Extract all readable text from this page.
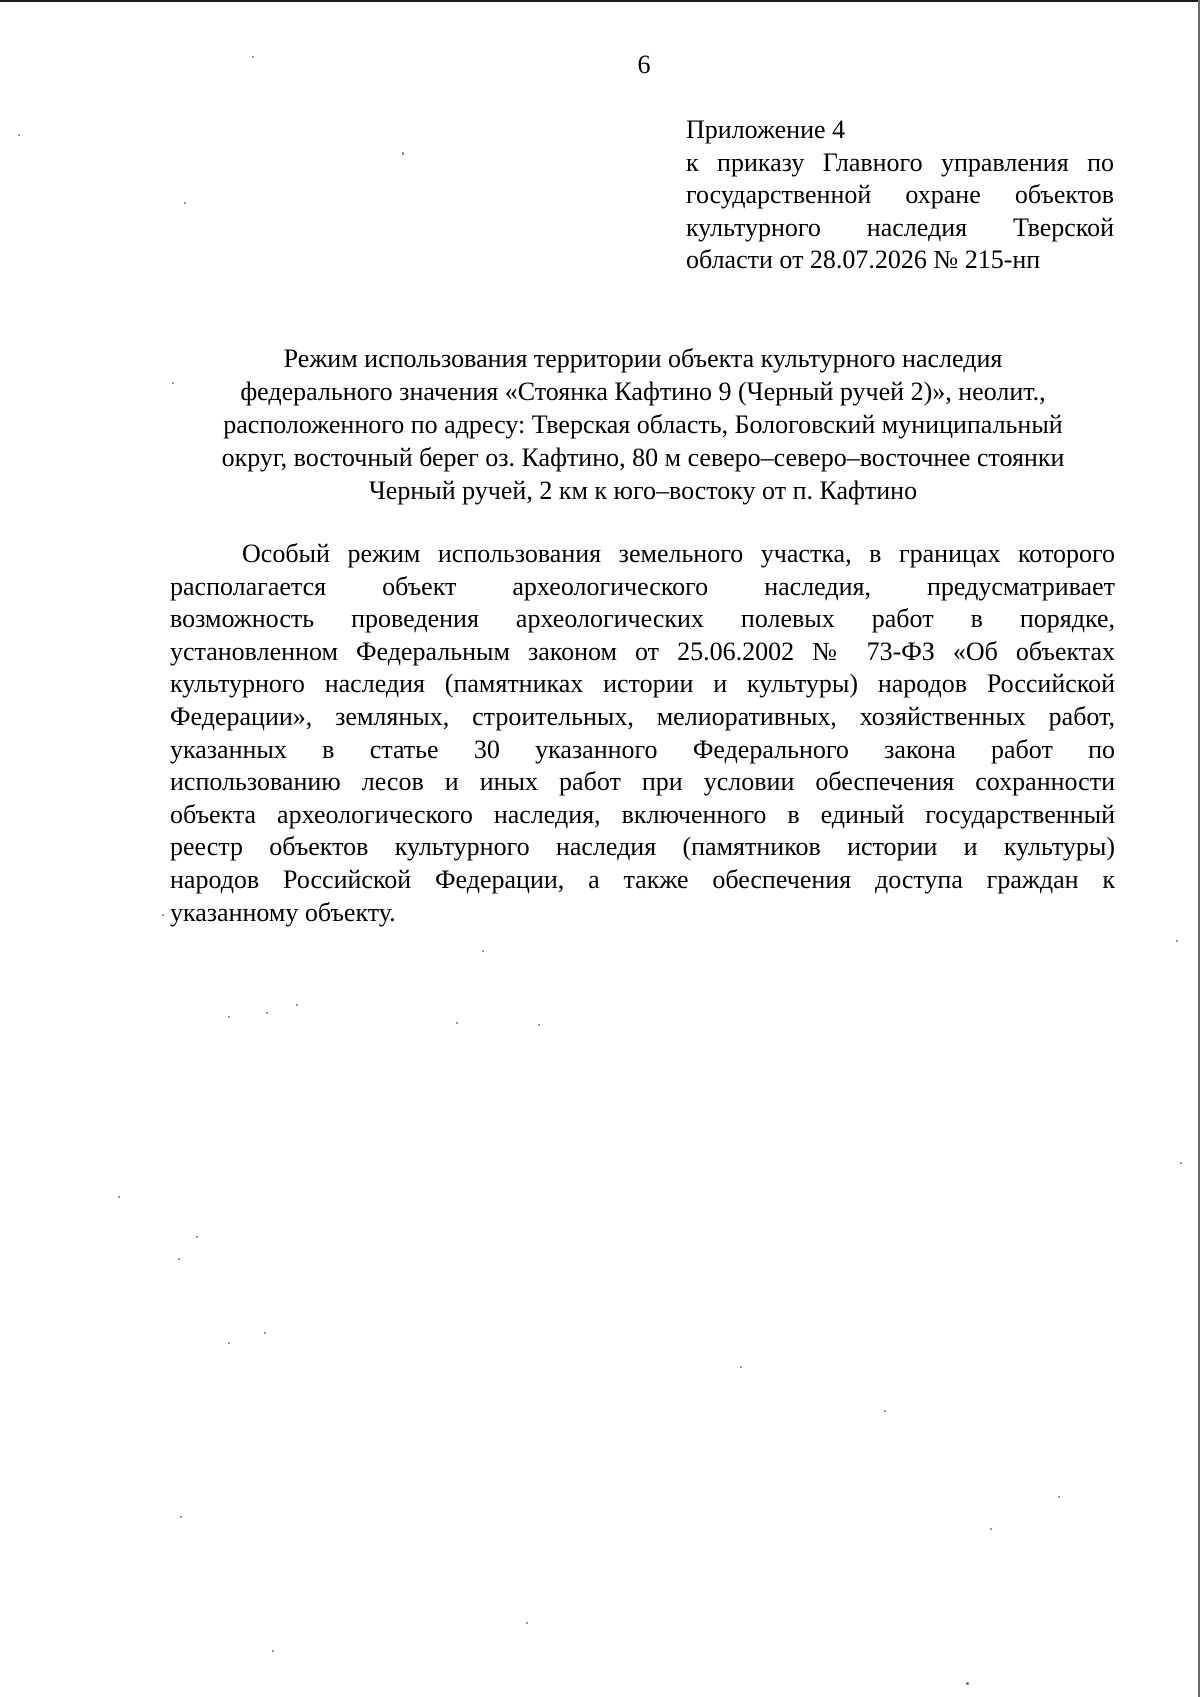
6
Приложение 4
к приказу Главного управления по
государственной охране объектов
культурного наследия Тверской
области от 28.07.2026 № 215-нп
Режим использования территории объекта культурного наследия
федерального значения «Стоянка Кафтино 9 (Черный ручей 2)», неолит.,
расположенного по адресу: Тверская область, Бологовский муниципальный
округ, восточный берег оз. Кафтино, 80 м северо–северо–восточнее стоянки
Черный ручей, 2 км к юго–востоку от п. Кафтино
Особый режим использования земельного участка, в границах которого
располагается объект археологического наследия, предусматривает
возможность проведения археологических полевых работ в порядке,
установленном Федеральным законом от 25.06.2002 № 73-ФЗ «Об объектах
культурного наследия (памятниках истории и культуры) народов Российской
Федерации», земляных, строительных, мелиоративных, хозяйственных работ,
указанных в статье 30 указанного Федерального закона работ по
использованию лесов и иных работ при условии обеспечения сохранности
объекта археологического наследия, включенного в единый государственный
реестр объектов культурного наследия (памятников истории и культуры)
народов Российской Федерации, а также обеспечения доступа граждан к
указанному объекту.
